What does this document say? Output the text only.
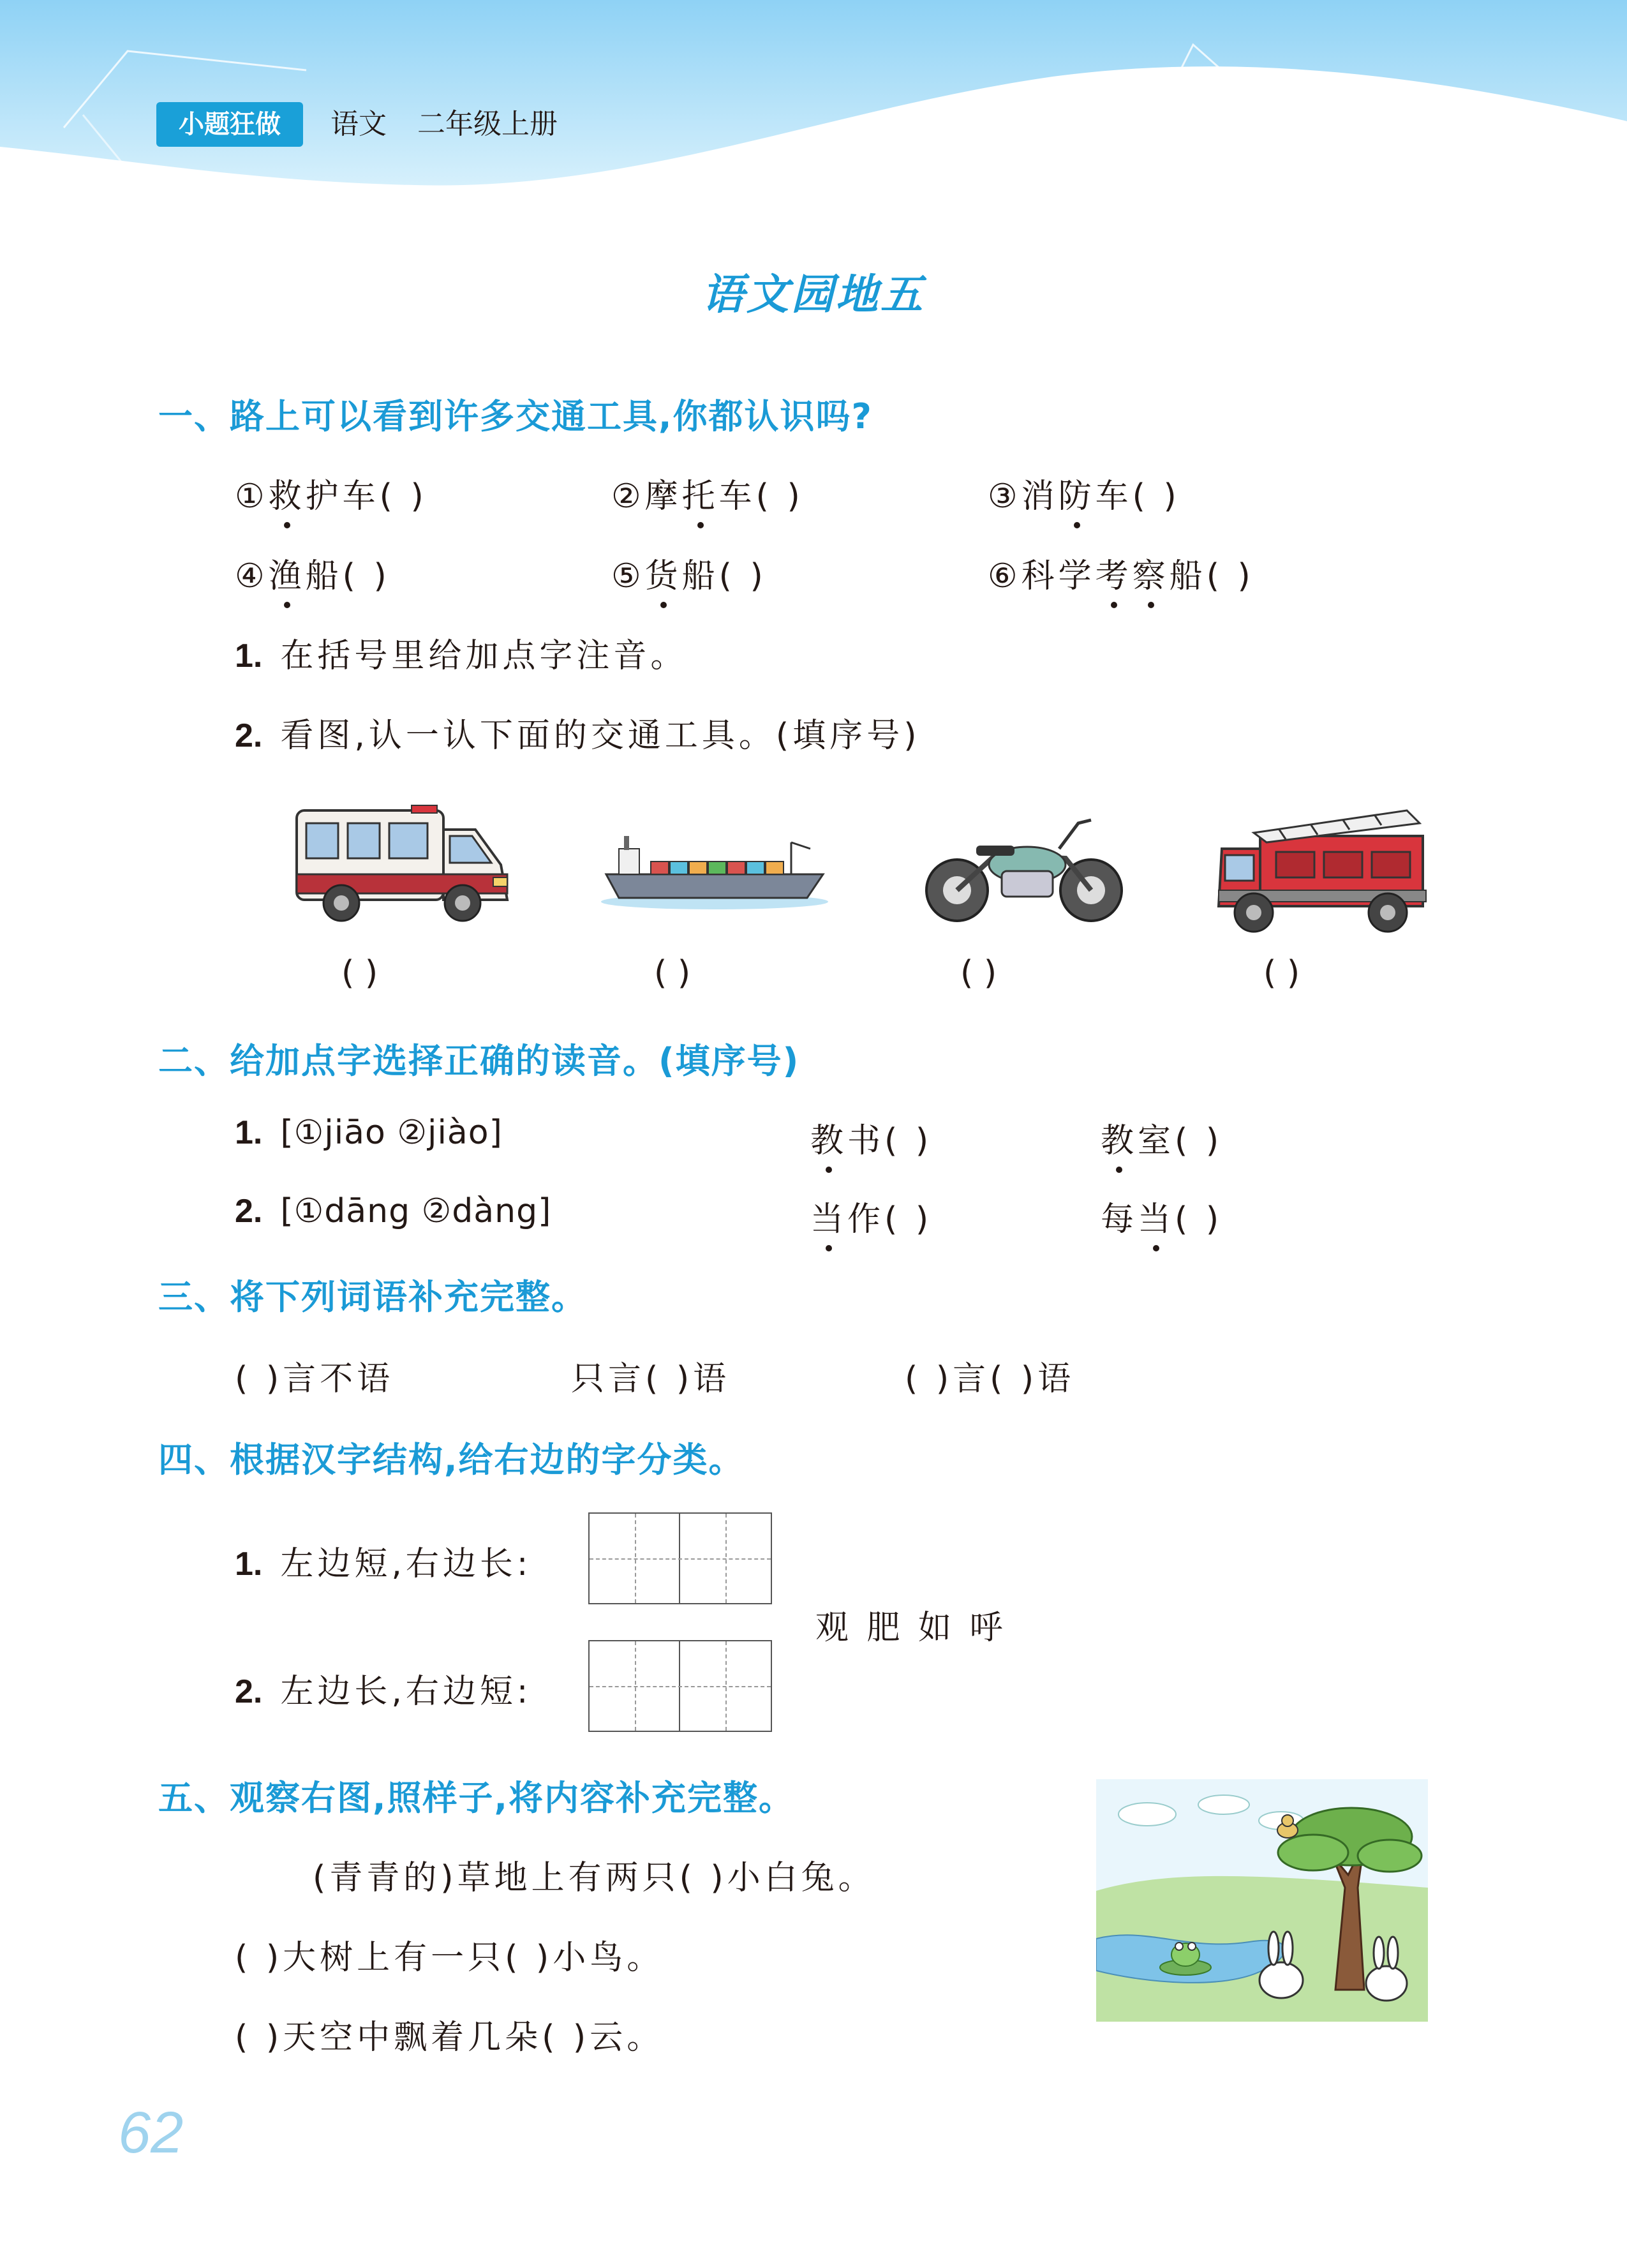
小题狂做	语文 二年级上册
语文园地五
一、路上可以看到许多交通工具,你都认识吗?
①救护车( )	②摩托车( )	③消防车( )
④渔船( )	⑤货船( )	⑥科学考察船( )
1. 在括号里给加点字注音。
2. 看图,认一认下面的交通工具。(填序号)
( )	( )	( )	( )
二、给加点字选择正确的读音。(填序号)
1. [①jiāo ②jiào]	教书( )	教室( )
2. [①dāng ②dàng]	当作( )	每当( )
三、将下列词语补充完整。
( )言不语	只言( )语	( )言( )语
四、根据汉字结构,给右边的字分类。
1. 左边短,右边长:
观 肥 如 呼
2. 左边长,右边短:
五、观察右图,照样子,将内容补充完整。
(青青的)草地上有两只( )小白兔。
( )大树上有一只( )小鸟。
( )天空中飘着几朵( )云。
62
